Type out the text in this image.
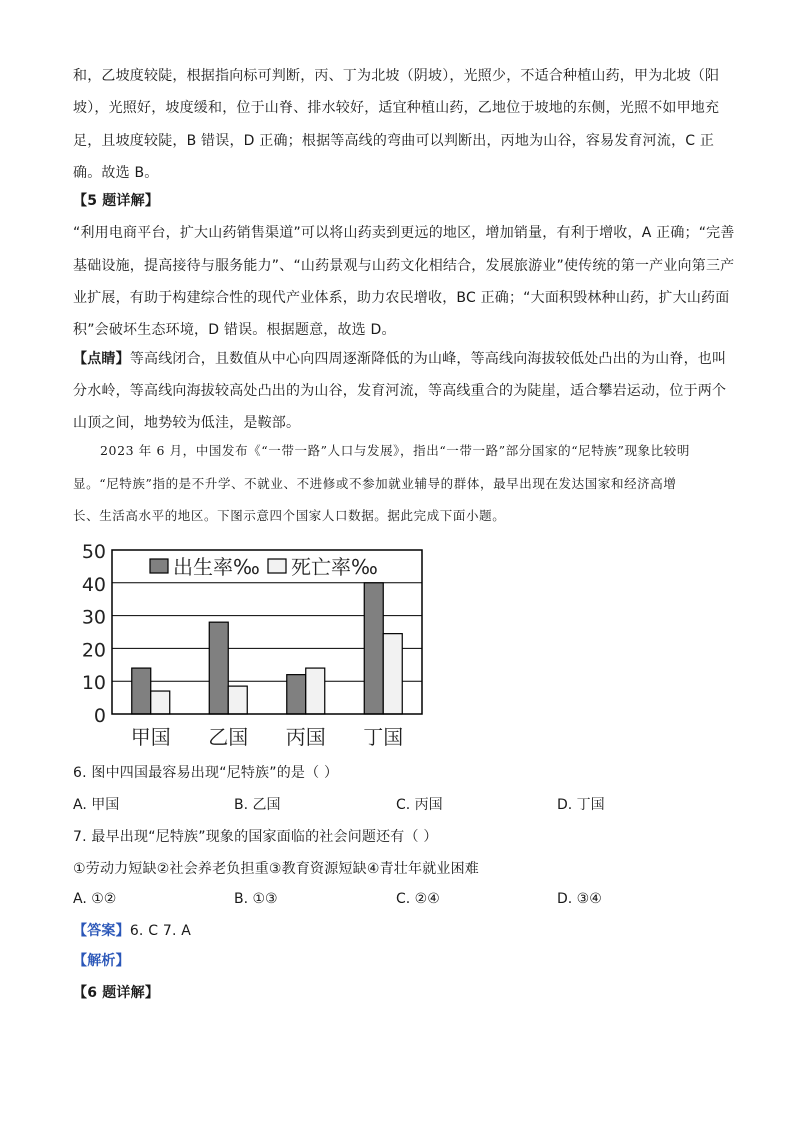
和，乙坡度较陡，根据指向标可判断，丙、丁为北坡（阴坡），光照少，不适合种植山药，甲为北坡（阳
坡），光照好，坡度缓和，位于山脊、排水较好，适宜种植山药，乙地位于坡地的东侧，光照不如甲地充
足，且坡度较陡，B 错误，D 正确；根据等高线的弯曲可以判断出，丙地为山谷，容易发育河流，C 正
确。故选 B。
【5 题详解】
“利用电商平台，扩大山药销售渠道”可以将山药卖到更远的地区，增加销量，有利于增收，A 正确；“完善
基础设施，提高接待与服务能力”、“山药景观与山药文化相结合，发展旅游业”使传统的第一产业向第三产
业扩展，有助于构建综合性的现代产业体系，助力农民增收，BC 正确；“大面积毁林种山药，扩大山药面
积”会破坏生态环境，D 错误。根据题意，故选 D。
【点睛】等高线闭合，且数值从中心向四周逐渐降低的为山峰，等高线向海拔较低处凸出的为山脊，也叫
分水岭，等高线向海拔较高处凸出的为山谷，发育河流，等高线重合的为陡崖，适合攀岩运动，位于两个
山顶之间，地势较为低洼，是鞍部。
2023 年 6 月，中国发布《“一带一路”人口与发展》，指出“一带一路”部分国家的“尼特族”现象比较明
显。“尼特族”指的是不升学、不就业、不进修或不参加就业辅导的群体，最早出现在发达国家和经济高增
长、生活高水平的地区。下图示意四个国家人口数据。据此完成下面小题。
0
10
20
30
40
50
甲国 乙国 丙国 丁国
出生率‰ 死亡率‰
6. 图中四国最容易出现“尼特族”的是（ ）
A. 甲国	B. 乙国	C. 丙国	D. 丁国
7. 最早出现“尼特族”现象的国家面临的社会问题还有（ ）
①劳动力短缺②社会养老负担重③教育资源短缺④青壮年就业困难
A. ①②	B. ①③	C. ②④	D. ③④
【答案】6. C 7. A
【解析】
【6 题详解】
